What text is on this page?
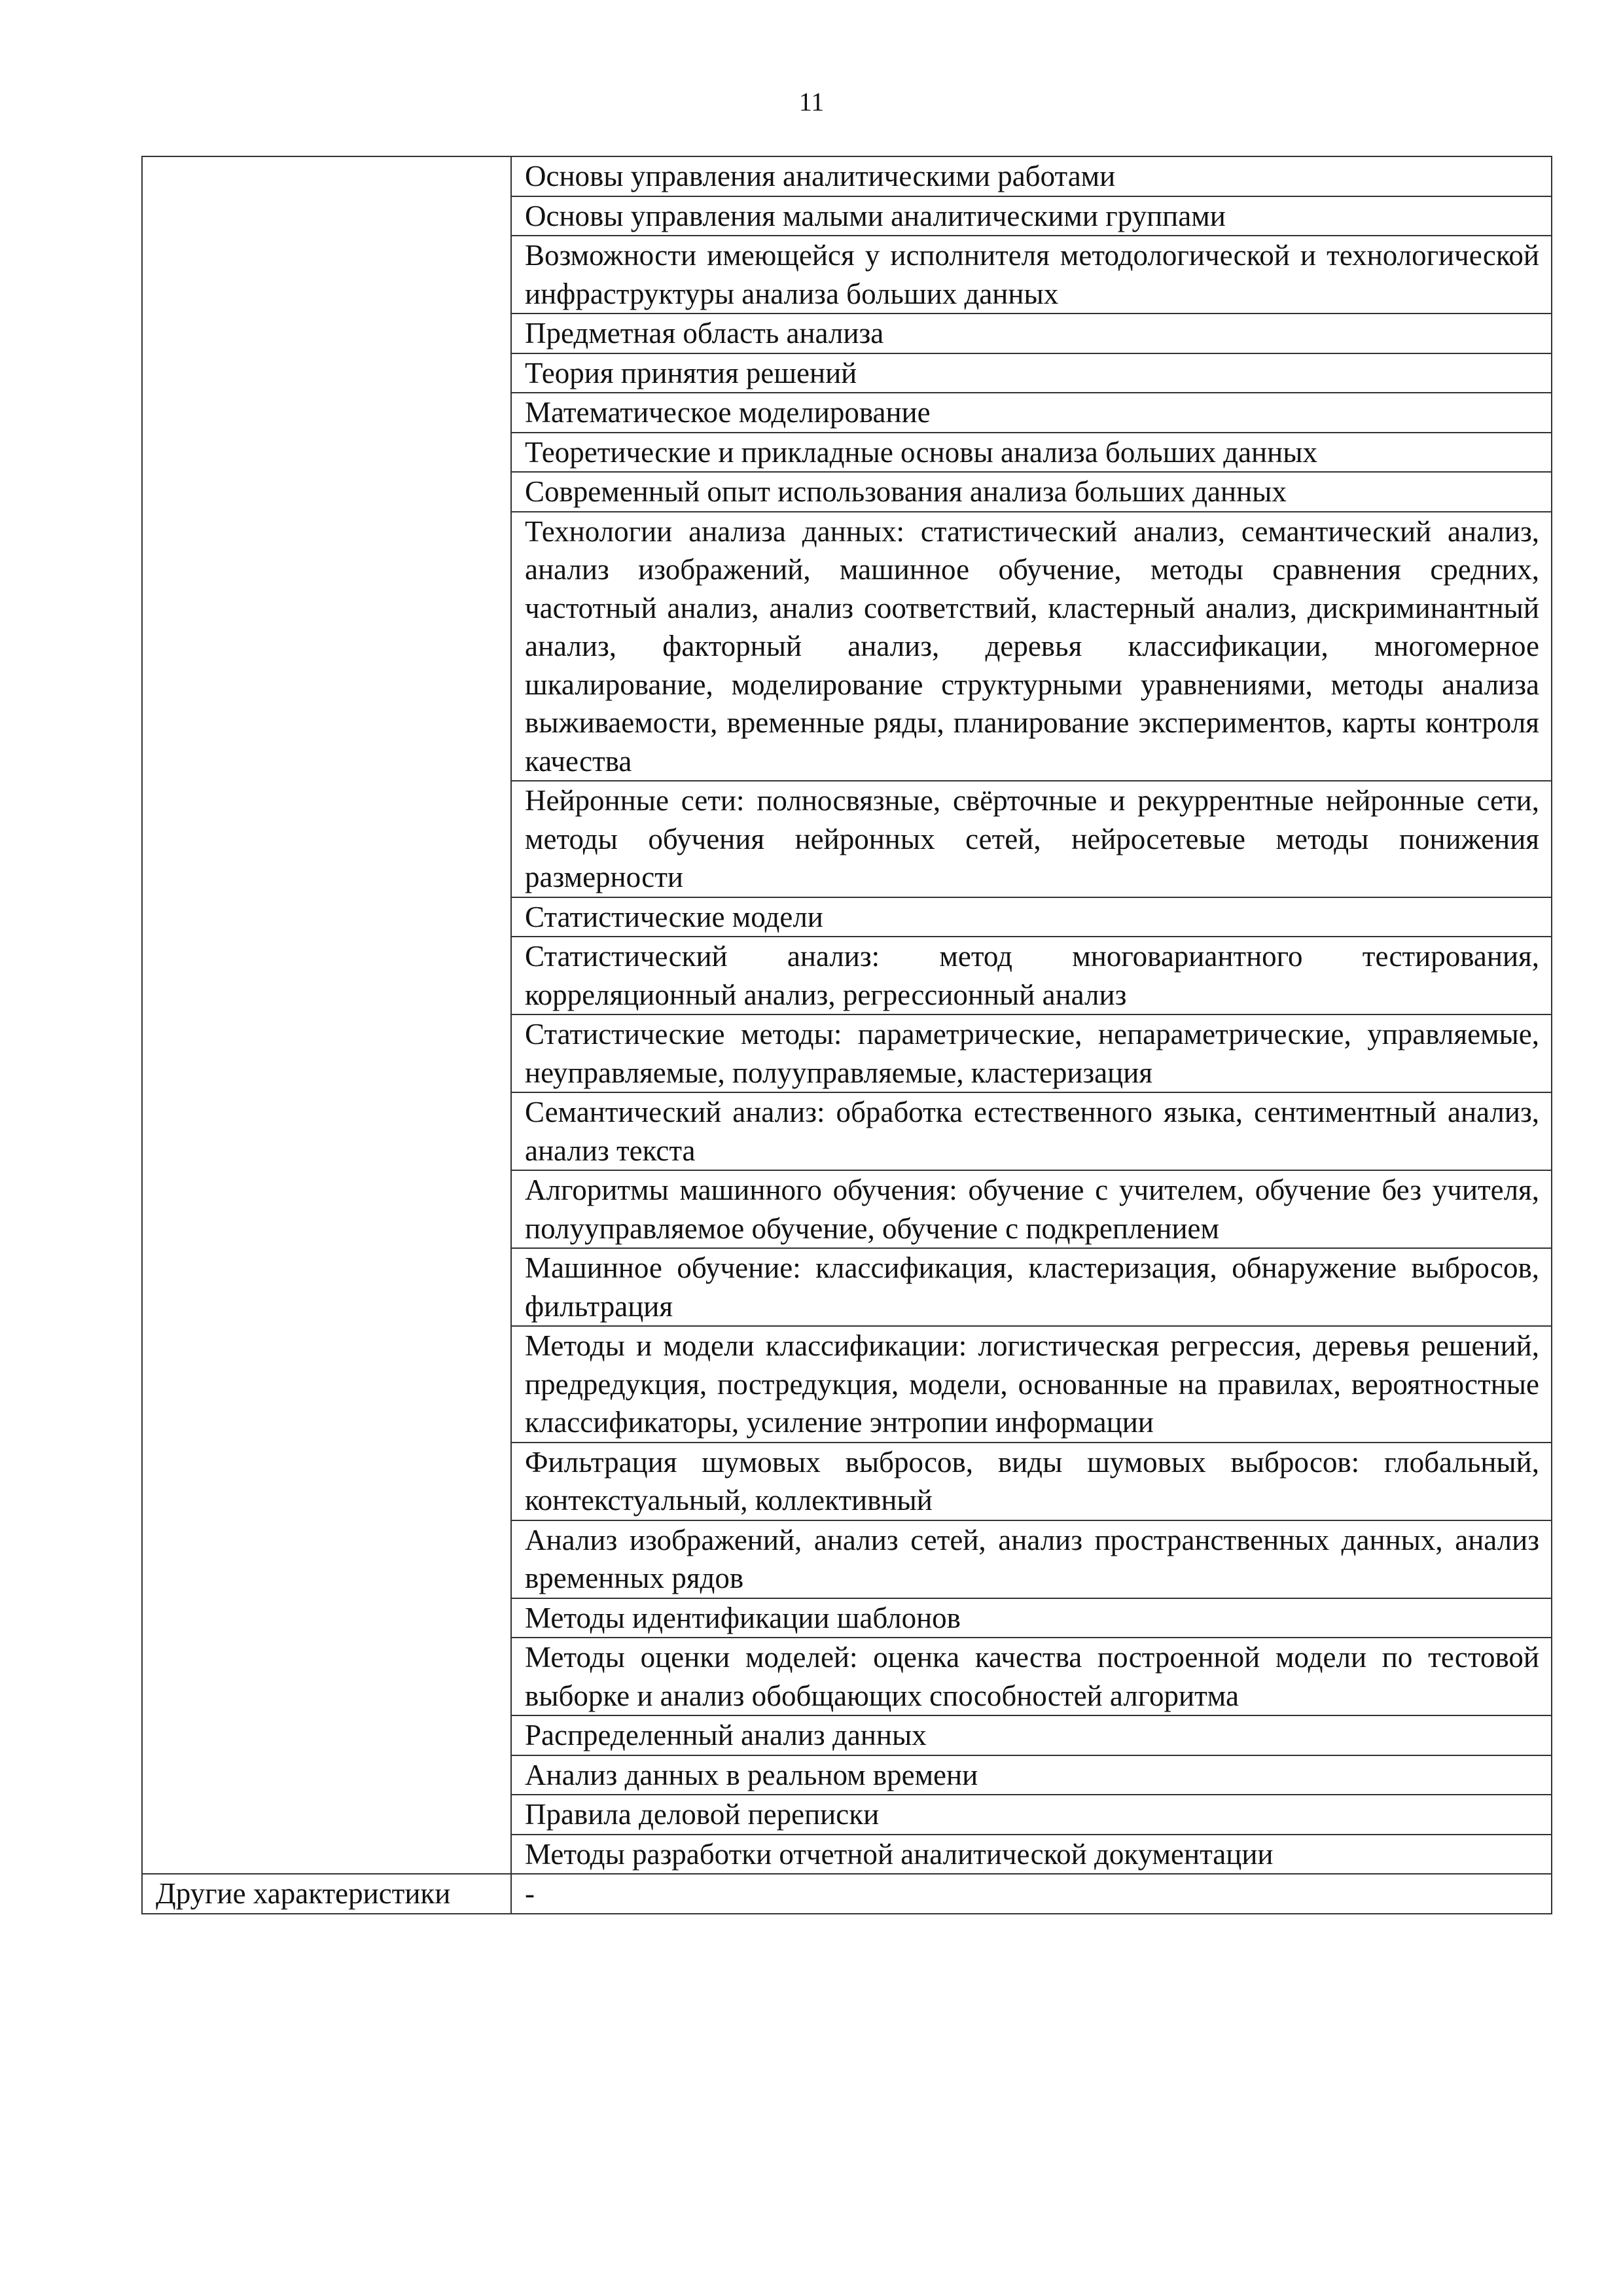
11
	Основы управления аналитическими работами
	Основы управления малыми аналитическими группами
	Возможности имеющейся у исполнителя методологической и технологической инфраструктуры анализа больших данных
	Предметная область анализа
	Теория принятия решений
	Математическое моделирование
	Теоретические и прикладные основы анализа больших данных
	Современный опыт использования анализа больших данных
	Технологии анализа данных: статистический анализ, семантический анализ, анализ изображений, машинное обучение, методы сравнения средних, частотный анализ, анализ соответствий, кластерный анализ, дискриминантный анализ, факторный анализ, деревья классификации, многомерное шкалирование, моделирование структурными уравнениями, методы анализа выживаемости, временные ряды, планирование экспериментов, карты контроля качества
	Нейронные сети: полносвязные, свёрточные и рекуррентные нейронные сети, методы обучения нейронных сетей, нейросетевые методы понижения размерности
	Статистические модели
	Статистический анализ: метод многовариантного тестирования, корреляционный анализ, регрессионный анализ
	Статистические методы: параметрические, непараметрические, управляемые, неуправляемые, полууправляемые, кластеризация
	Семантический анализ: обработка естественного языка, сентиментный анализ, анализ текста
	Алгоритмы машинного обучения: обучение с учителем, обучение без учителя, полууправляемое обучение, обучение с подкреплением
	Машинное обучение: классификация, кластеризация, обнаружение выбросов, фильтрация
	Методы и модели классификации: логистическая регрессия, деревья решений, предредукция, постредукция, модели, основанные на правилах, вероятностные классификаторы, усиление энтропии информации
	Фильтрация шумовых выбросов, виды шумовых выбросов: глобальный, контекстуальный, коллективный
	Анализ изображений, анализ сетей, анализ пространственных данных, анализ временных рядов
	Методы идентификации шаблонов
	Методы оценки моделей: оценка качества построенной модели по тестовой выборке и анализ обобщающих способностей алгоритма
	Распределенный анализ данных
	Анализ данных в реальном времени
	Правила деловой переписки
	Методы разработки отчетной аналитической документации
Другие характеристики	-
